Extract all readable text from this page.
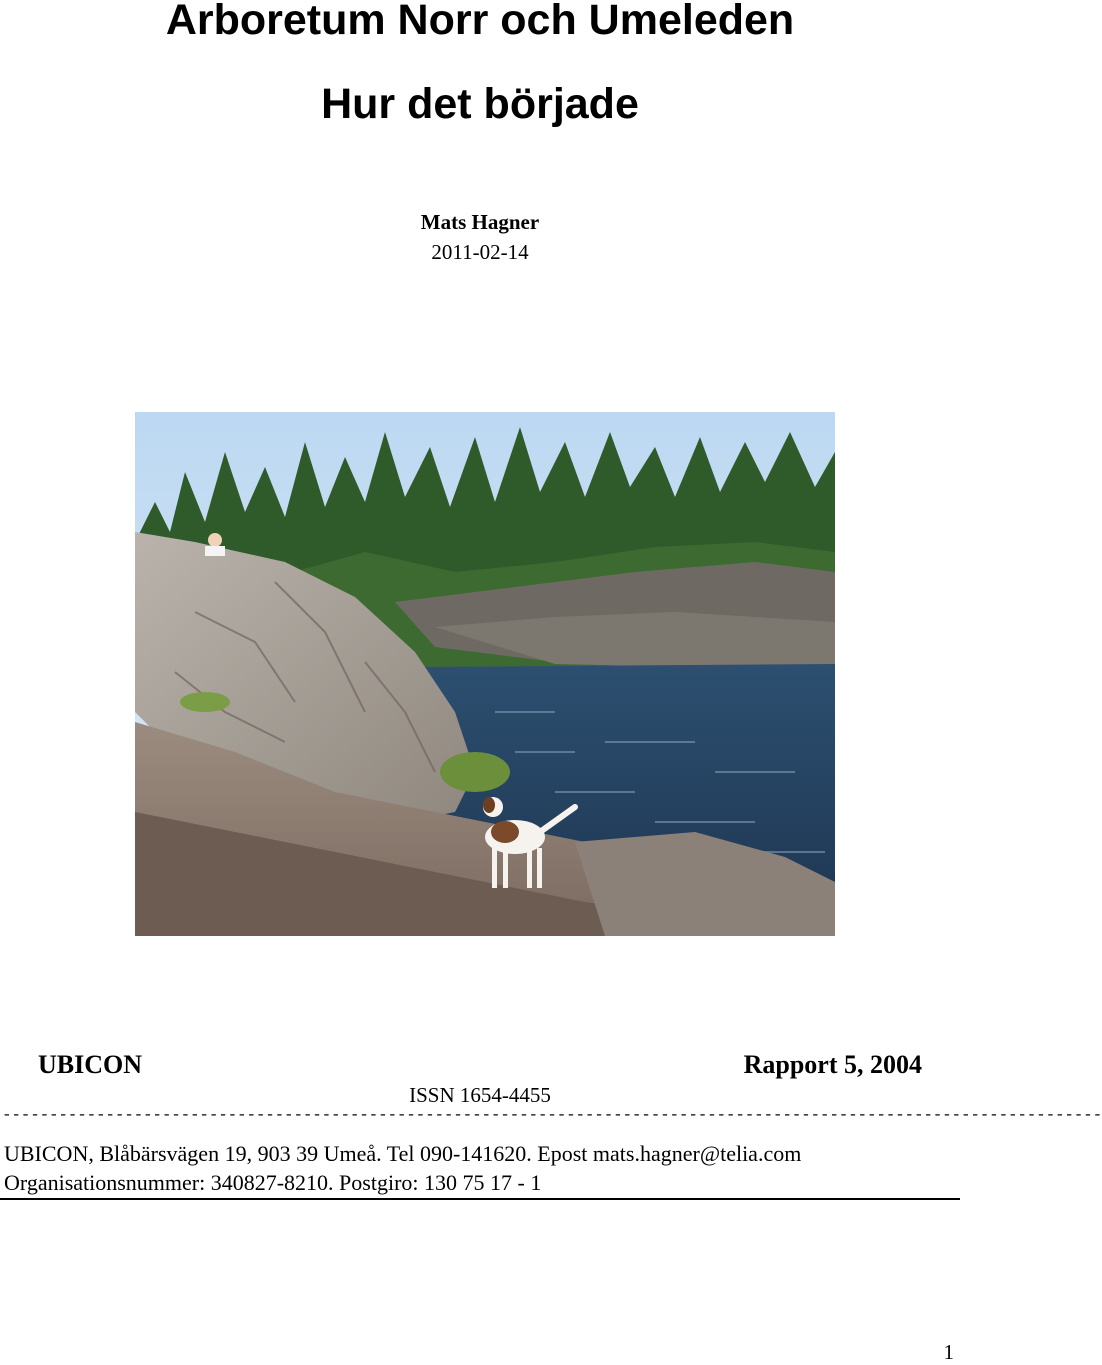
Arboretum Norr och Umeleden
Hur det började
Mats Hagner
2011-02-14
UBICON	Rapport 5, 2004
ISSN 1654-4455
---------------------------------------------------------------------------------------------------------------------
UBICON, Blåbärsvägen 19, 903 39 Umeå. Tel 090-141620. Epost mats.hagner@telia.com
Organisationsnummer: 340827-8210. Postgiro: 130 75 17 - 1
1
